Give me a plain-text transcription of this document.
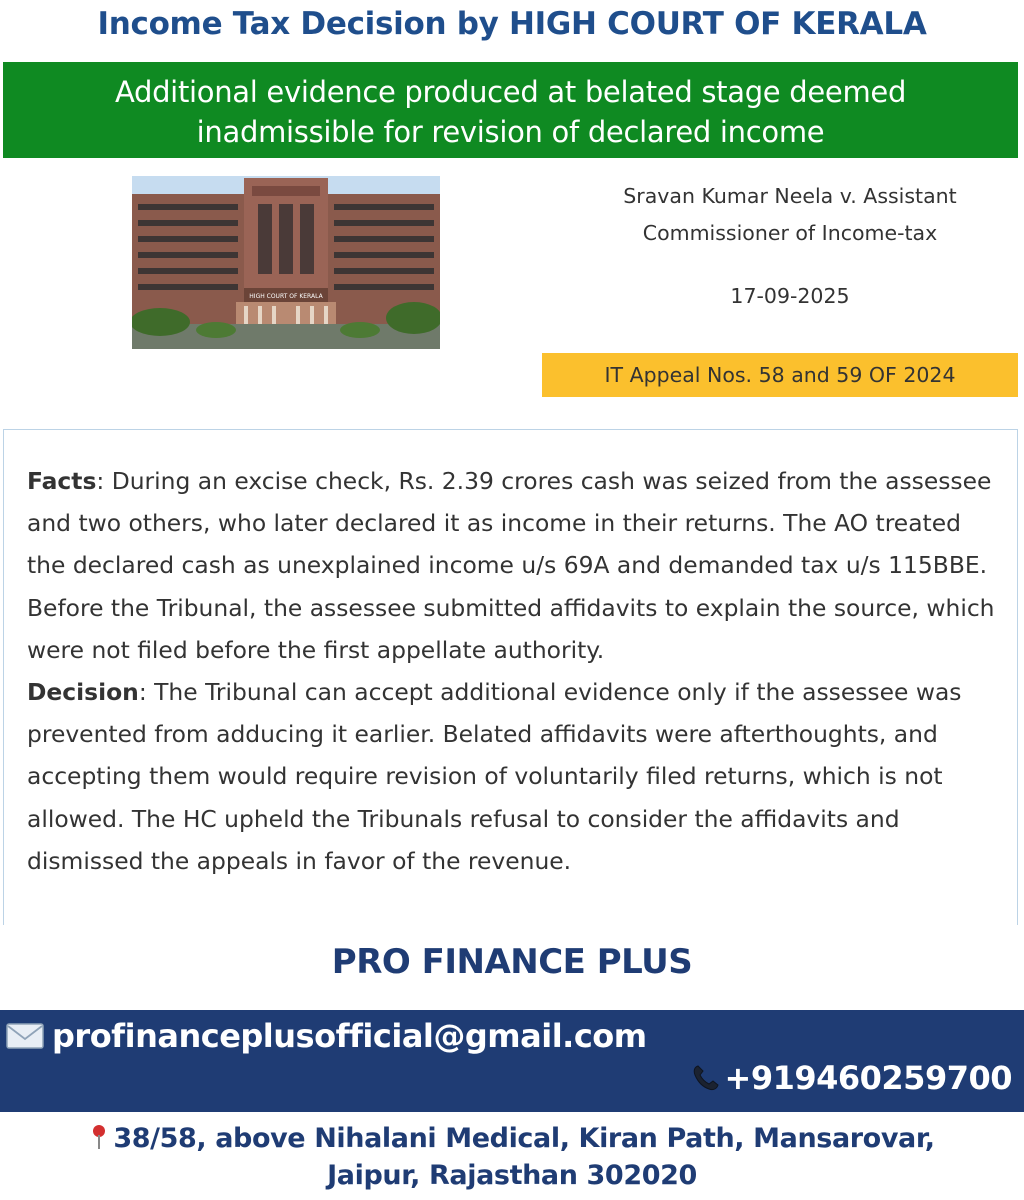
Income Tax Decision by HIGH COURT OF KERALA
Additional evidence produced at belated stage deemed
inadmissible for revision of declared income
HIGH COURT OF KERALA
Sravan Kumar Neela v. Assistant
Commissioner of Income-tax
17-09-2025
IT Appeal Nos. 58 and 59 OF 2024

Facts: During an excise check, Rs. 2.39 crores cash was seized from the assessee and two others, who later declared it as income in their returns. The AO treated the declared cash as unexplained income u/s 69A and demanded tax u/s 115BBE. Before the Tribunal, the assessee submitted affidavits to explain the source, which were not filed before the first appellate authority.

Decision: The Tribunal can accept additional evidence only if the assessee was prevented from adducing it earlier. Belated affidavits were afterthoughts, and accepting them would require revision of voluntarily filed returns, which is not allowed. The HC upheld the Tribunals refusal to consider the affidavits and dismissed the appeals in favor of the revenue.

PRO FINANCE PLUS
profinanceplusofficial@gmail.com
+919460259700
38/58, above Nihalani Medical, Kiran Path, Mansarovar,
Jaipur, Rajasthan 302020
